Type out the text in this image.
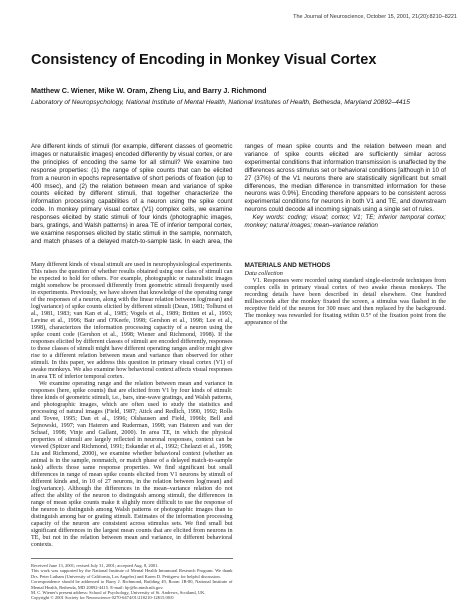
The Journal of Neuroscience, October 15, 2001, 21(20):8210–8221
Consistency of Encoding in Monkey Visual Cortex
Matthew C. Wiener, Mike W. Oram, Zheng Liu, and Barry J. Richmond
Laboratory of Neuropsychology, National Institute of Mental Health, National Institutes of Health, Bethesda, Maryland 20892–4415

Are different kinds of stimuli (for example, different classes of geometric images or naturalistic images) encoded differently by visual cortex, or are the principles of encoding the same for all stimuli? We examine two response properties: (1) the range of spike counts that can be elicited from a neuron in epochs representative of short periods of fixation (up to 400 msec), and (2) the relation between mean and variance of spike counts elicited by different stimuli, that together characterize the information processing capabilities of a neuron using the spike count code. In monkey primary visual cortex (V1) complex cells, we examine responses elicited by static stimuli of four kinds (photographic images, bars, gratings, and Walsh patterns) in area TE of inferior temporal cortex, we examine responses elicited by static stimuli in the sample, nonmatch, and match phases of a delayed match-to-sample task. In each area, the ranges of mean spike counts and the relation between mean and variance of spike counts elicited are sufficiently similar across experimental conditions that information transmission is unaffected by the differences across stimulus set or behavioral conditions [although in 10 of 27 (37%) of the V1 neurons there are statistically significant but small differences, the median difference in transmitted information for these neurons was 0.9%]. Encoding therefore appears to be consistent across experimental conditions for neurons in both V1 and TE, and downstream neurons could decode all incoming signals using a single set of rules.

Key words: coding; visual; cortex; V1; TE; inferior temporal cortex; monkey; natural images; mean–variance relation

Many different kinds of visual stimuli are used in neurophysiological experiments. This raises the question of whether results obtained using one class of stimuli can be expected to hold for others. For example, photographic or naturalistic images might somehow be processed differently from geometric stimuli frequently used in experiments. Previously, we have shown that knowledge of the operating range of the responses of a neuron, along with the linear relation between log(mean) and log(variance) of spike counts elicited by different stimuli (Dean, 1981; Tolhurst et al., 1981, 1983; van Kan et al., 1985; Vogels et al., 1989; Britten et al., 1993; Levine et al., 1996; Bair and O'Keefe, 1998; Gershon et al., 1998; Lee et al., 1998), characterizes the information processing capacity of a neuron using the spike count code (Gershon et al., 1998; Wiener and Richmond, 1998). If the responses elicited by different classes of stimuli are encoded differently, responses to those classes of stimuli might have different operating ranges and/or might give rise to a different relation between mean and variance than observed for other stimuli. In this paper, we address this question in primary visual cortex (V1) of awake monkeys. We also examine how behavioral context affects visual responses in area TE of inferior temporal cortex.

We examine operating range and the relation between mean and variance in responses (here, spike counts) that are elicited from V1 by four kinds of stimuli: three kinds of geometric stimuli, i.e., bars, sine-wave gratings, and Walsh patterns, and photographic images, which are often used to study the statistics and processing of natural images (Field, 1987; Atick and Redlich, 1990, 1992; Rolls and Tovee, 1995; Dan et al., 1996; Olshausen and Field, 1996b; Bell and Sejnowski, 1997; van Hateren and Ruderman, 1998; van Hateren and van der Schaaf, 1998; Vinje and Gallant, 2000). In area TE, in which the physical properties of stimuli are largely reflected in neuronal responses, context can be viewed (Spitzer and Richmond, 1991; Eskandar et al., 1992; Chelazzi et al., 1998; Liu and Richmond, 2000), we examine whether behavioral context (whether an animal is in the sample, nonmatch, or match phase of a delayed match-to-sample task) affects those same response properties. We find significant but small differences in range of mean spike counts elicited from V1 neurons by stimuli of different kinds and, in 10 of 27 neurons, in the relation between log(mean) and log(variance). Although the differences in the mean–variance relation do not affect the ability of the neuron to distinguish among stimuli, the differences in range of mean spike counts make it slightly more difficult to use the response of the neuron to distinguish among Walsh patterns or photographic images than to distinguish among bar or grating stimuli. Estimates of the information processing capacity of the neuron are consistent across stimulus sets. We find small but significant differences in the largest mean counts that are elicited from neurons in TE, but not in the relation between mean and variance, in different behavioral contexts.

Received June 13, 2001; revised July 31, 2001; accepted Aug. 8, 2001.
This work was supported by the National Institute of Mental Health Intramural Research Program. We thank Drs. Peter Latham (University of California, Los Angeles) and Karen D. Pettigrew for helpful discussion.
Correspondence should be addressed to Barry J. Richmond, Building 49, Room 1B-80, National Institute of Mental Health, Bethesda, MD 20892-4415. E-mail: bjr@ln.nimh.nih.gov.
M. C. Wiener's present address: School of Psychology, University of St. Andrews, Scotland, UK.
Copyright © 2001 Society for Neuroscience 0270-6474/01/218210-12$15.00/0

MATERIALS AND METHODS
Data collection

V1. Responses were recorded using standard single-electrode techniques from complex cells in primary visual cortex of two awake rhesus monkeys. The recording details have been described in detail elsewhere. One hundred milliseconds after the monkey fixated the screen, a stimulus was flashed in the receptive field of the neuron for 300 msec and then replaced by the background. The monkey was rewarded for fixating within 0.5° of the fixation point from the appearance of the
